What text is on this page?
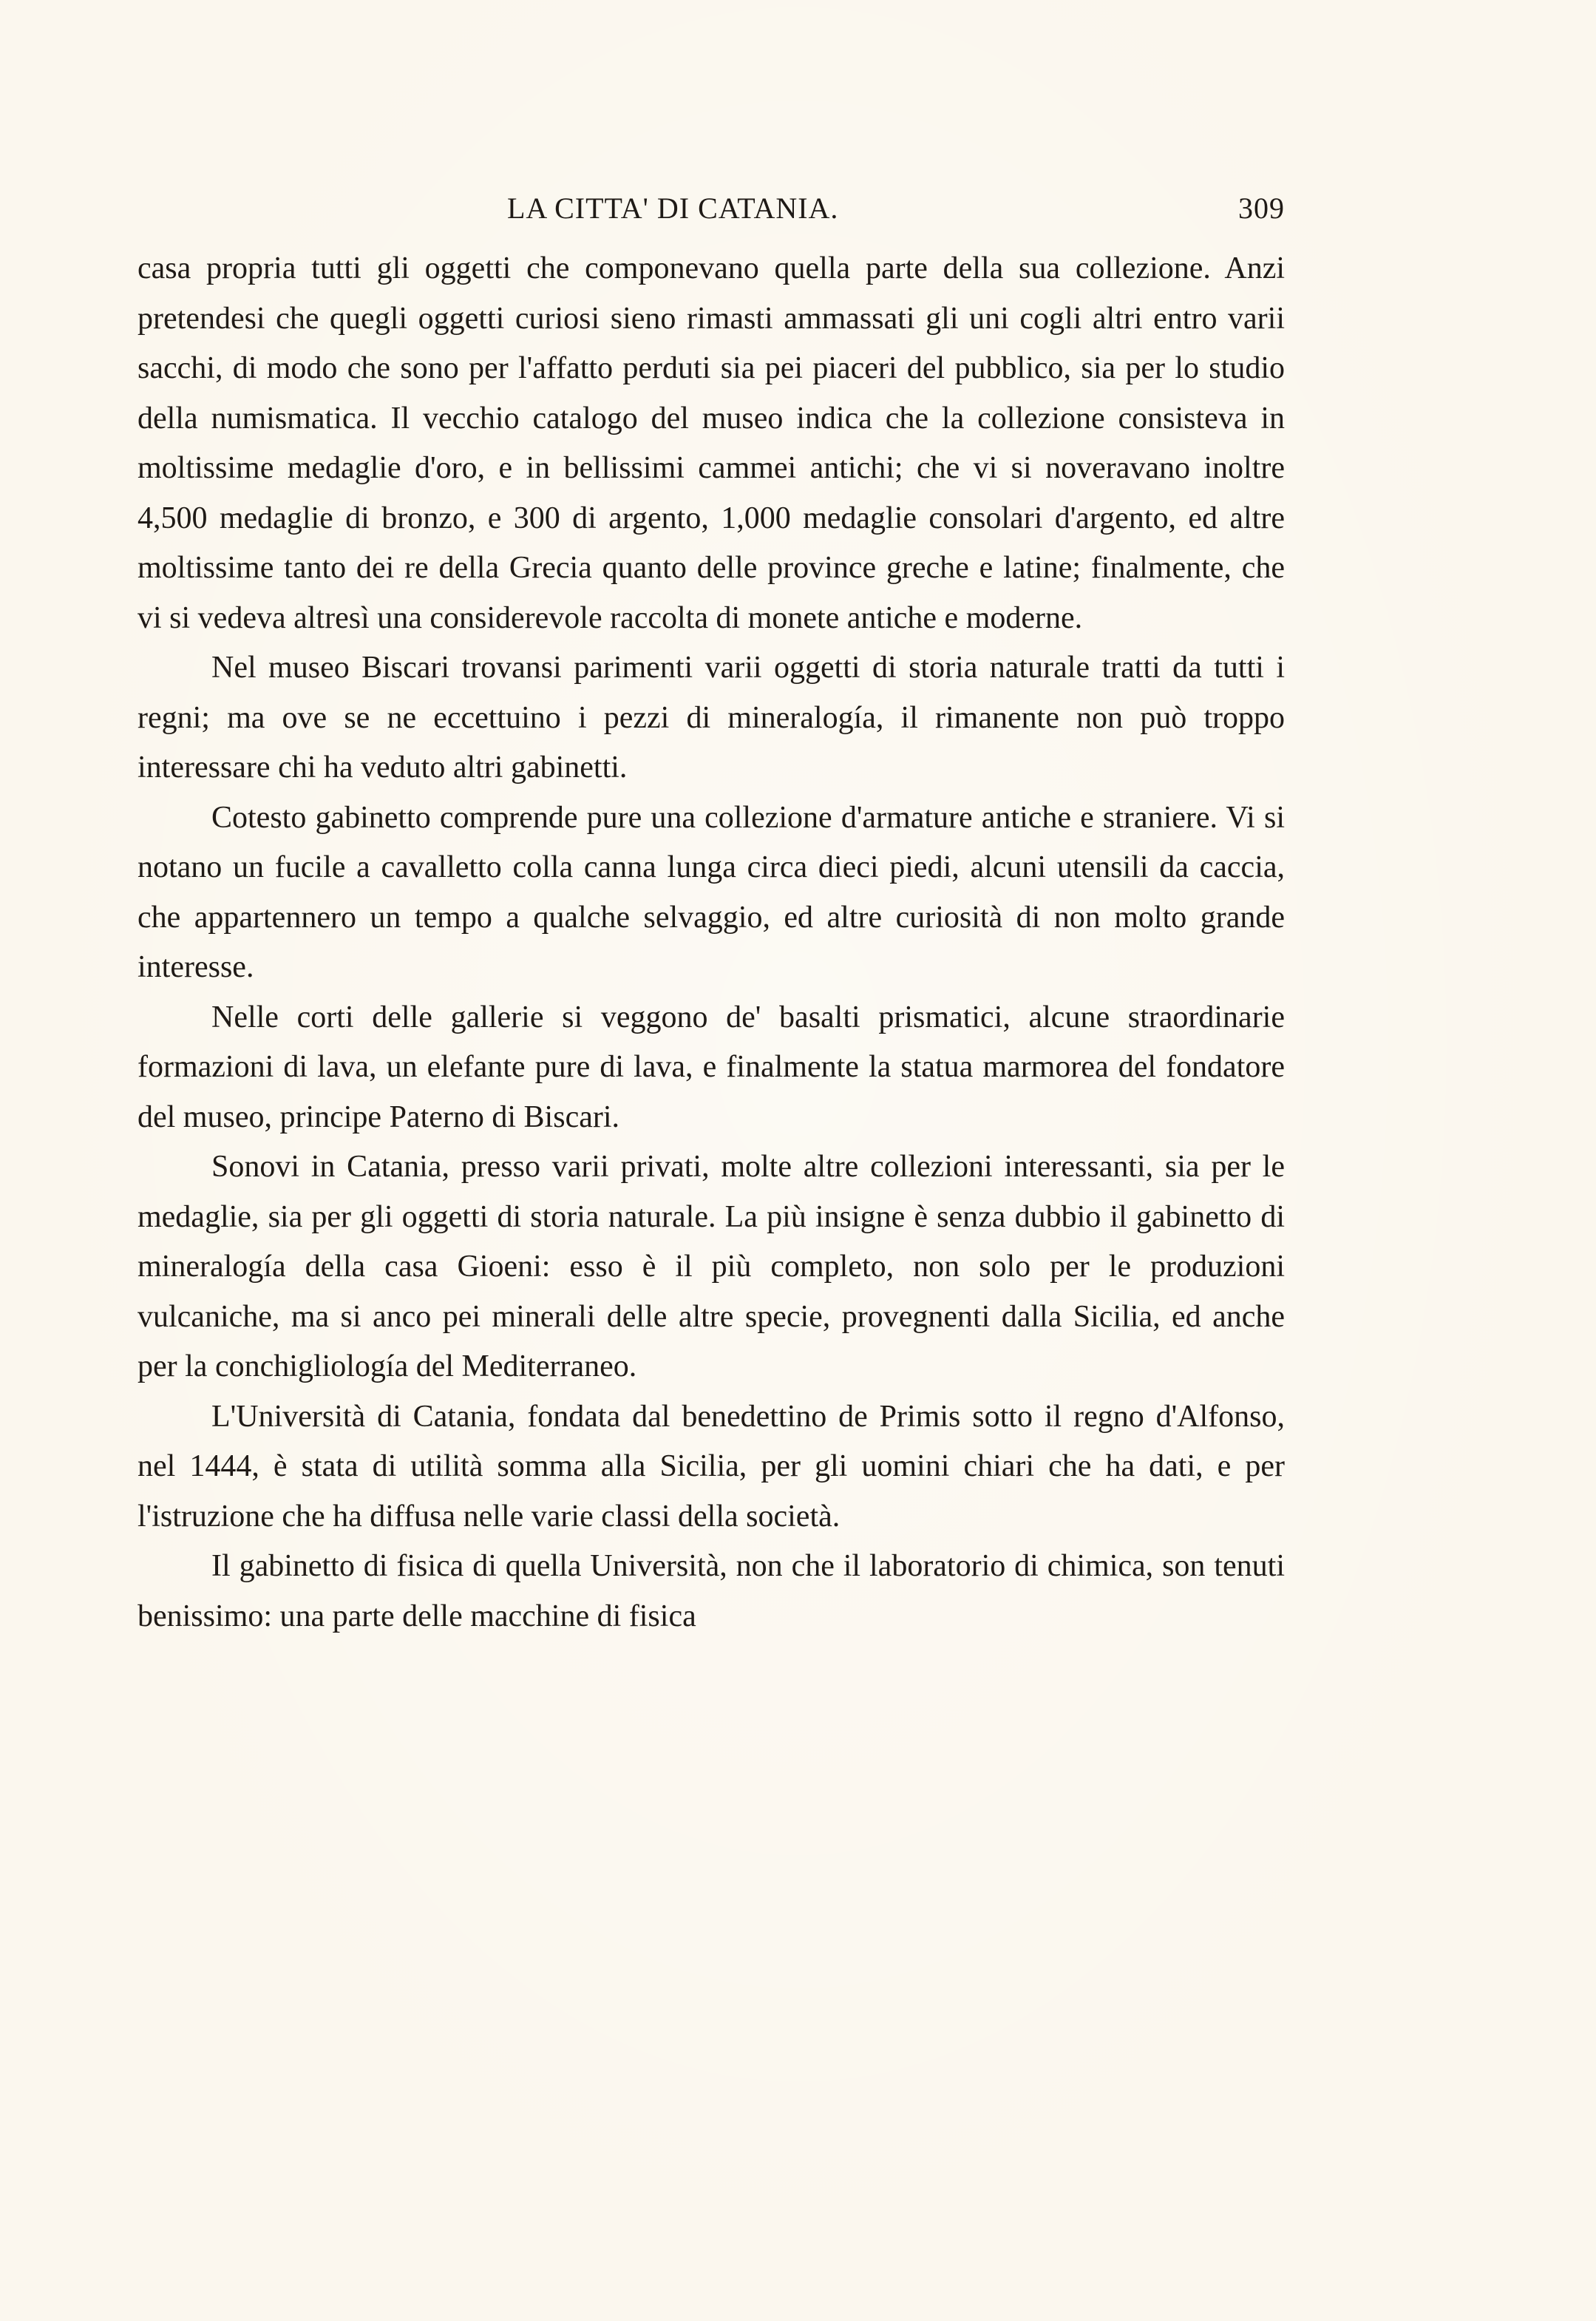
LA CITTA' DI CATANIA.	309

casa propria tutti gli oggetti che componevano quella parte della sua collezione. Anzi pretendesi che quegli oggetti curiosi sieno rimasti ammassati gli uni cogli altri entro varii sacchi, di modo che sono per l'affatto perduti sia pei piaceri del pubblico, sia per lo studio della numismatica. Il vecchio catalogo del museo indica che la collezione consisteva in moltissime medaglie d'oro, e in bellissimi cammei antichi; che vi si noveravano inoltre 4,500 medaglie di bronzo, e 300 di argento, 1,000 medaglie consolari d'argento, ed altre moltissime tanto dei re della Grecia quanto delle province greche e latine; finalmente, che vi si vedeva altresì una considerevole raccolta di monete antiche e moderne.

Nel museo Biscari trovansi parimenti varii oggetti di storia naturale tratti da tutti i regni; ma ove se ne eccettuino i pezzi di mineralogía, il rimanente non può troppo interessare chi ha veduto altri gabinetti.

Cotesto gabinetto comprende pure una collezione d'armature antiche e straniere. Vi si notano un fucile a cavalletto colla canna lunga circa dieci piedi, alcuni utensili da caccia, che appartennero un tempo a qualche selvaggio, ed altre curiosità di non molto grande interesse.

Nelle corti delle gallerie si veggono de' basalti prismatici, alcune straordinarie formazioni di lava, un elefante pure di lava, e finalmente la statua marmorea del fondatore del museo, principe Paterno di Biscari.

Sonovi in Catania, presso varii privati, molte altre collezioni interessanti, sia per le medaglie, sia per gli oggetti di storia naturale. La più insigne è senza dubbio il gabinetto di mineralogía della casa Gioeni: esso è il più completo, non solo per le produzioni vulcaniche, ma si anco pei minerali delle altre specie, provegnenti dalla Sicilia, ed anche per la conchigliología del Mediterraneo.

L'Università di Catania, fondata dal benedettino de Primis sotto il regno d'Alfonso, nel 1444, è stata di utilità somma alla Sicilia, per gli uomini chiari che ha dati, e per l'istruzione che ha diffusa nelle varie classi della società.

Il gabinetto di fisica di quella Università, non che il laboratorio di chimica, son tenuti benissimo: una parte delle macchine di fisica
